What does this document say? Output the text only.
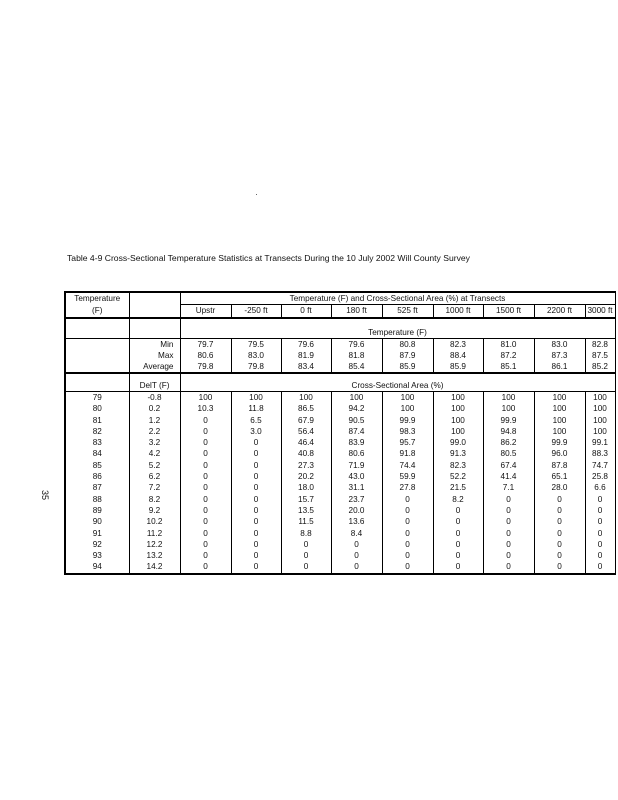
Table 4-9 Cross-Sectional Temperature Statistics at Transects During the 10 July 2002 Will County Survey
35
Temperature		Temperature (F) and Cross-Sectional Area (%) at Transects								
(F)		Upstr	-250 ft	0 ft	180 ft	525 ft	1000 ft	1500 ft	2200 ft	3000 ft

		Temperature (F)								
	Min	79.7	79.5	79.6	79.6	80.8	82.3	81.0	83.0	82.8
	Max	80.6	83.0	81.9	81.8	87.9	88.4	87.2	87.3	87.5
	Average	79.8	79.8	83.4	85.4	85.9	85.9	85.1	86.1	85.2

	DelT (F)	Cross-Sectional Area (%)								
79	-0.8	100	100	100	100	100	100	100	100	100
80	0.2	10.3	11.8	86.5	94.2	100	100	100	100	100
81	1.2	0	6.5	67.9	90.5	99.9	100	99.9	100	100
82	2.2	0	3.0	56.4	87.4	98.3	100	94.8	100	100
83	3.2	0	0	46.4	83.9	95.7	99.0	86.2	99.9	99.1
84	4.2	0	0	40.8	80.6	91.8	91.3	80.5	96.0	88.3
85	5.2	0	0	27.3	71.9	74.4	82.3	67.4	87.8	74.7
86	6.2	0	0	20.2	43.0	59.9	52.2	41.4	65.1	25.8
87	7.2	0	0	18.0	31.1	27.8	21.5	7.1	28.0	6.6
88	8.2	0	0	15.7	23.7	0	8.2	0	0	0
89	9.2	0	0	13.5	20.0	0	0	0	0	0
90	10.2	0	0	11.5	13.6	0	0	0	0	0
91	11.2	0	0	8.8	8.4	0	0	0	0	0
92	12.2	0	0	0	0	0	0	0	0	0
93	13.2	0	0	0	0	0	0	0	0	0
94	14.2	0	0	0	0	0	0	0	0	0
